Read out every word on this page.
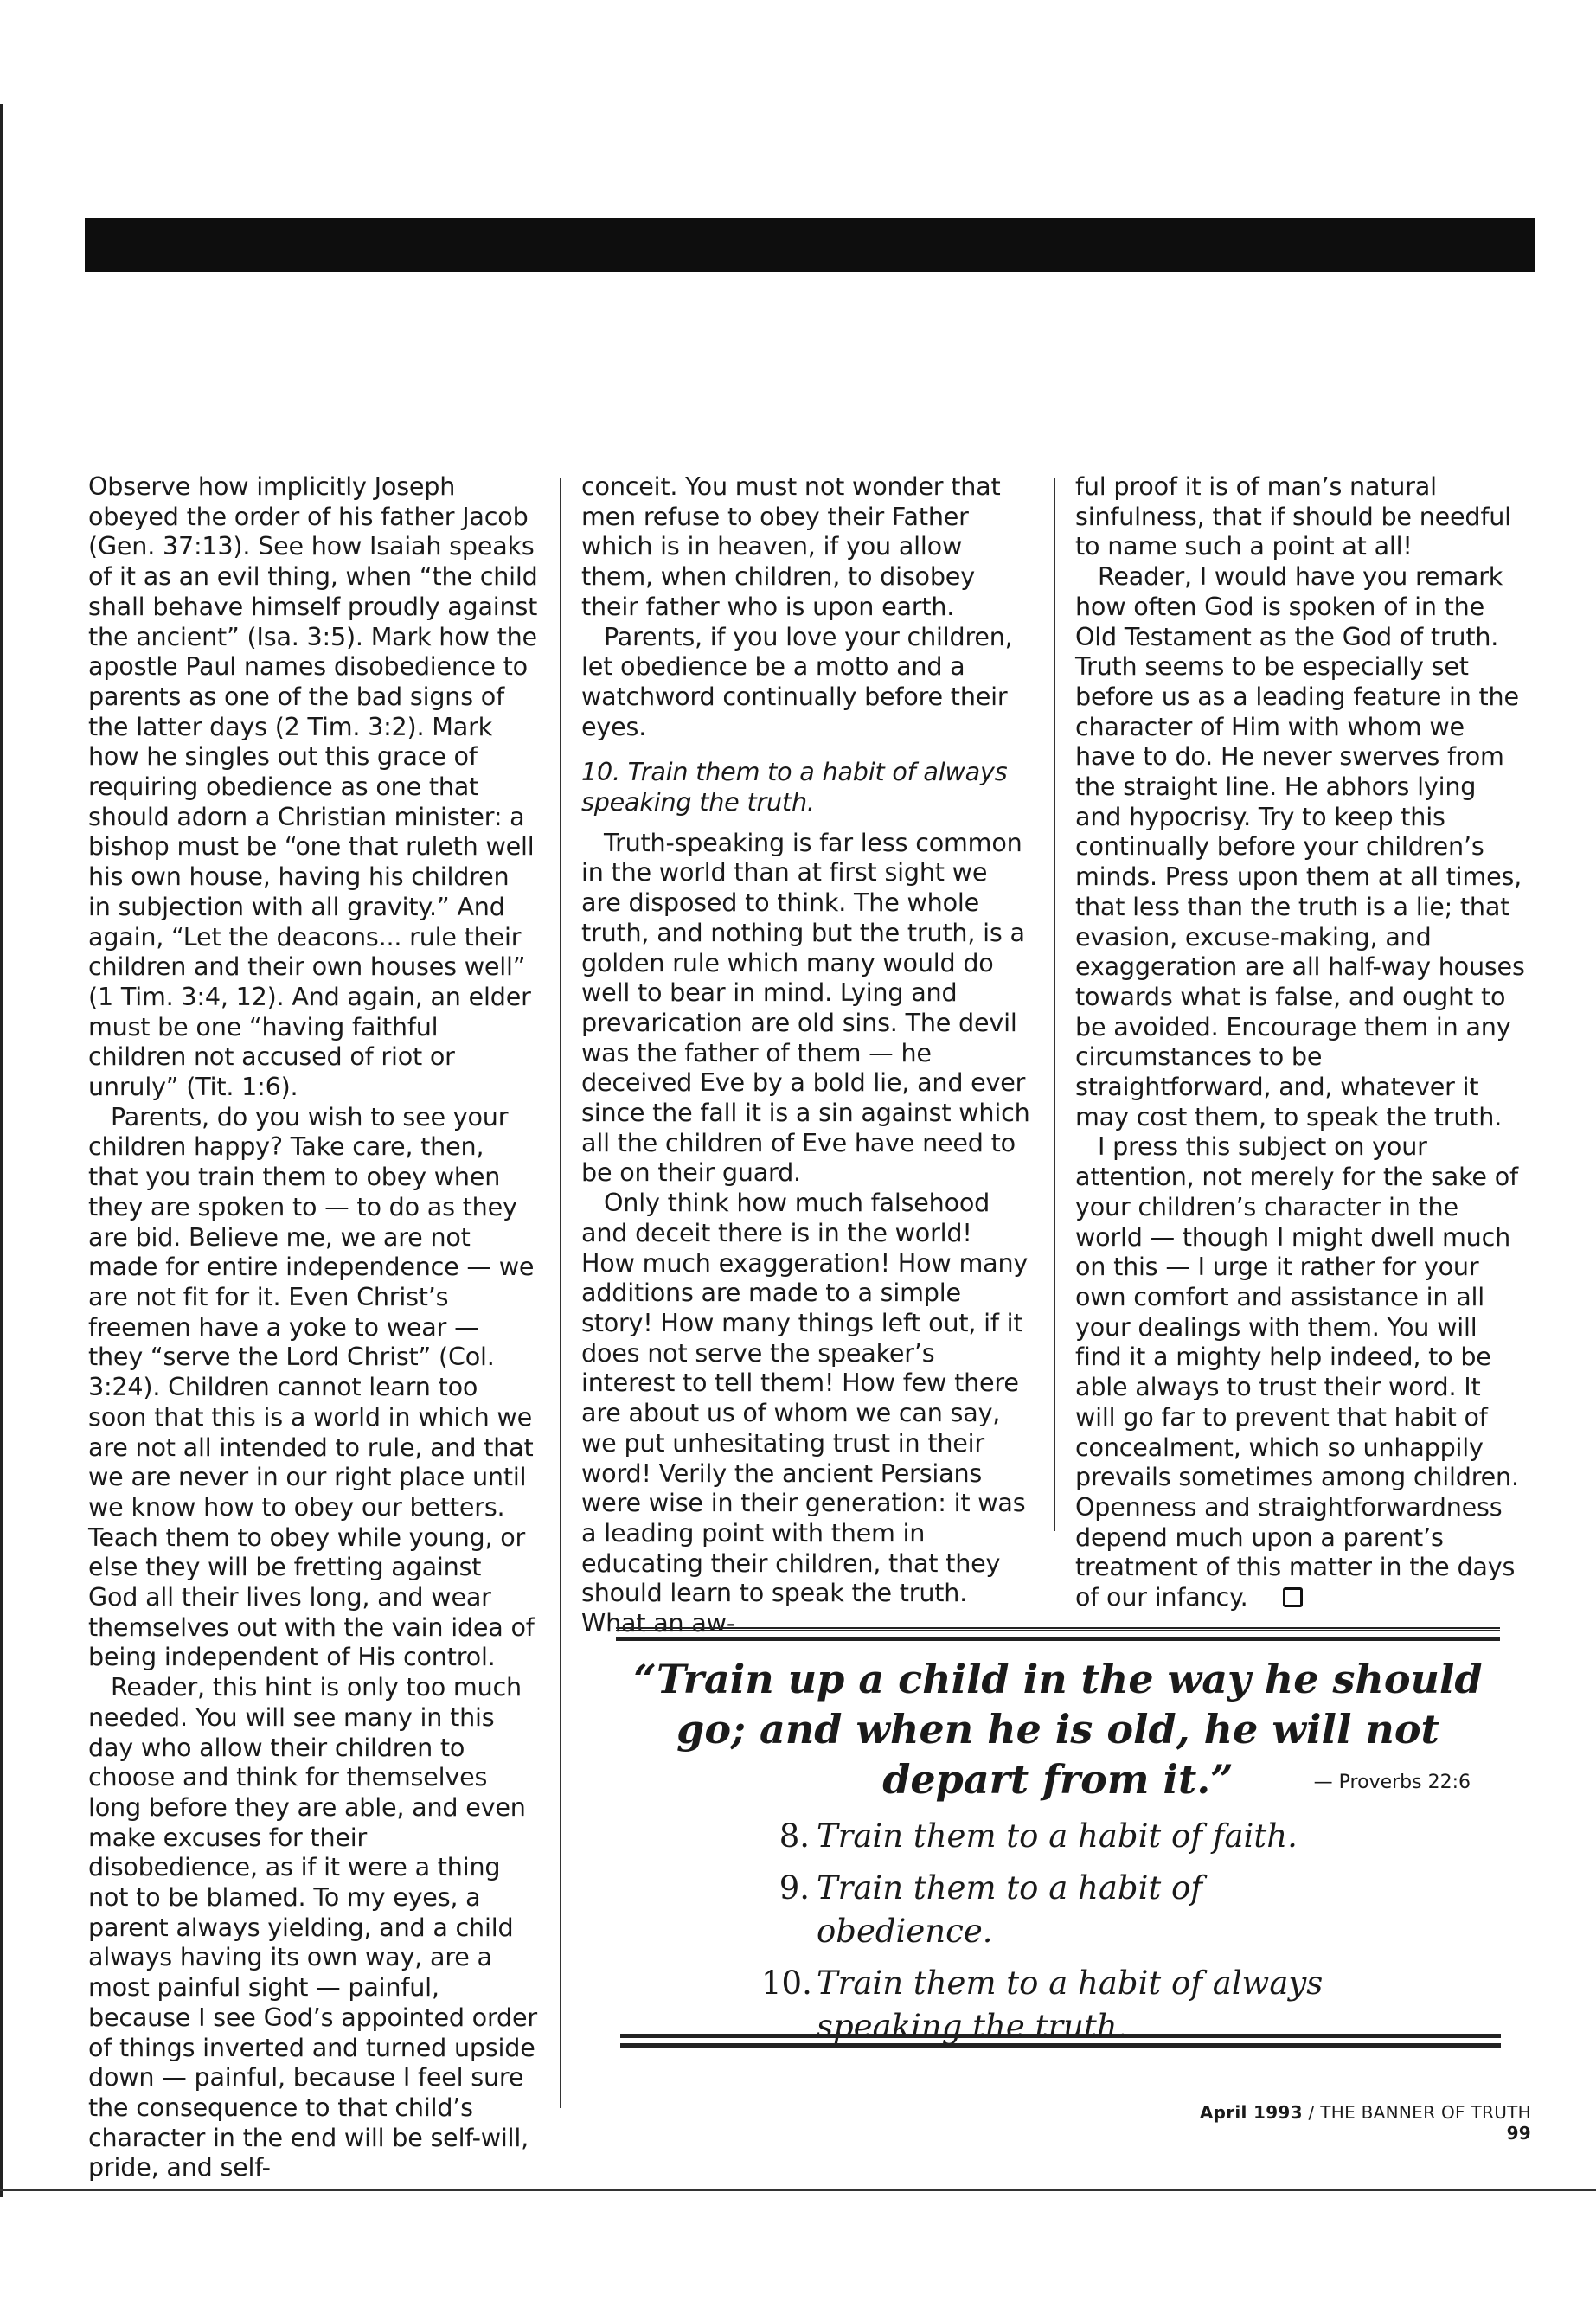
Observe how implicitly Joseph obeyed the order of his father Jacob (Gen. 37:13). See how Isaiah speaks of it as an evil thing, when “the child shall behave himself proudly against the ancient” (Isa. 3:5). Mark how the apostle Paul names disobedience to parents as one of the bad signs of the latter days (2 Tim. 3:2). Mark how he singles out this grace of requiring obedience as one that should adorn a Christian minister: a bishop must be “one that ruleth well his own house, having his children in subjection with all gravity.” And again, “Let the deacons... rule their children and their own houses well” (1 Tim. 3:4, 12). And again, an elder must be one “having faithful children not accused of riot or unruly” (Tit. 1:6).

Parents, do you wish to see your children happy? Take care, then, that you train them to obey when they are spoken to — to do as they are bid. Believe me, we are not made for entire independence — we are not fit for it. Even Christ’s freemen have a yoke to wear — they “serve the Lord Christ” (Col. 3:24). Children cannot learn too soon that this is a world in which we are not all intended to rule, and that we are never in our right place until we know how to obey our betters. Teach them to obey while young, or else they will be fretting against God all their lives long, and wear themselves out with the vain idea of being independent of His control.

Reader, this hint is only too much needed. You will see many in this day who allow their children to choose and think for themselves long before they are able, and even make excuses for their disobedience, as if it were a thing not to be blamed. To my eyes, a parent always yielding, and a child always having its own way, are a most painful sight — painful, because I see God’s appointed order of things inverted and turned upside down — painful, because I feel sure the consequence to that child’s character in the end will be self-will, pride, and self-

conceit. You must not wonder that men refuse to obey their Father which is in heaven, if you allow them, when children, to disobey their father who is upon earth.

Parents, if you love your children, let obedience be a motto and a watchword continually before their eyes.

10. Train them to a habit of always speaking the truth.

Truth-speaking is far less common in the world than at first sight we are disposed to think. The whole truth, and nothing but the truth, is a golden rule which many would do well to bear in mind. Lying and prevarication are old sins. The devil was the father of them — he deceived Eve by a bold lie, and ever since the fall it is a sin against which all the children of Eve have need to be on their guard.

Only think how much falsehood and deceit there is in the world! How much exaggeration! How many additions are made to a simple story! How many things left out, if it does not serve the speaker’s interest to tell them! How few there are about us of whom we can say, we put unhesitating trust in their word! Verily the ancient Persians were wise in their generation: it was a leading point with them in educating their children, that they should learn to speak the truth. What an aw-

ful proof it is of man’s natural sinfulness, that if should be needful to name such a point at all!

Reader, I would have you remark how often God is spoken of in the Old Testament as the God of truth. Truth seems to be especially set before us as a leading feature in the character of Him with whom we have to do. He never swerves from the straight line. He abhors lying and hypocrisy. Try to keep this continually before your children’s minds. Press upon them at all times, that less than the truth is a lie; that evasion, excuse-making, and exaggeration are all half-way houses towards what is false, and ought to be avoided. Encourage them in any circumstances to be straightforward, and, whatever it may cost them, to speak the truth.

I press this subject on your attention, not merely for the sake of your children’s character in the world — though I might dwell much on this — I urge it rather for your own comfort and assistance in all your dealings with them. You will find it a mighty help indeed, to be able always to trust their word. It will go far to prevent that habit of concealment, which so unhappily prevails sometimes among children. Openness and straightforwardness depend much upon a parent’s treatment of this matter in the days of our infancy.

“Train up a child in the way he should go; and when he is old, he will not depart from it.”	— Proverbs 22:6
8. Train them to a habit of faith.
9. Train them to a habit of obedience.
10. Train them to a habit of always speaking the truth.
April 1993 / THE BANNER OF TRUTH 99
